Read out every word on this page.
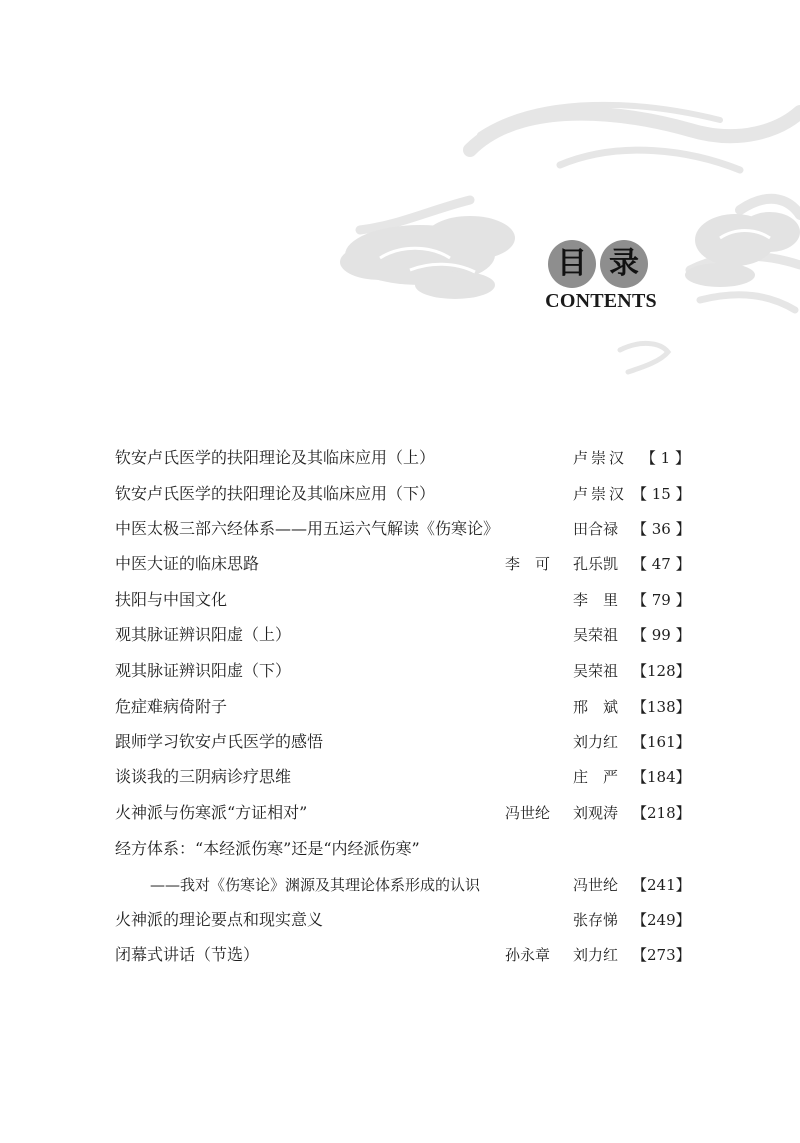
目 录
CONTENTS
钦安卢氏医学的扶阳理论及其临床应用（上）	卢崇汉 【 1 】
钦安卢氏医学的扶阳理论及其临床应用（下）	卢崇汉 【 15 】
中医太极三部六经体系——用五运六气解读《伤寒论》	田合禄 【 36 】
中医大证的临床思路	李　可 孔乐凯 【 47 】
扶阳与中国文化	李　里 【 79 】
观其脉证辨识阳虚（上）	吴荣祖 【 99 】
观其脉证辨识阳虚（下）	吴荣祖 【128】
危症难病倚附子	邢　斌 【138】
跟师学习钦安卢氏医学的感悟	刘力红 【161】
谈谈我的三阴病诊疗思维	庄　严 【184】
火神派与伤寒派“方证相对”	冯世纶 刘观涛 【218】
经方体系：“本经派伤寒”还是“内经派伤寒”
——我对《伤寒论》渊源及其理论体系形成的认识	冯世纶 【241】
火神派的理论要点和现实意义	张存悌 【249】
闭幕式讲话（节选）	孙永章 刘力红 【273】
